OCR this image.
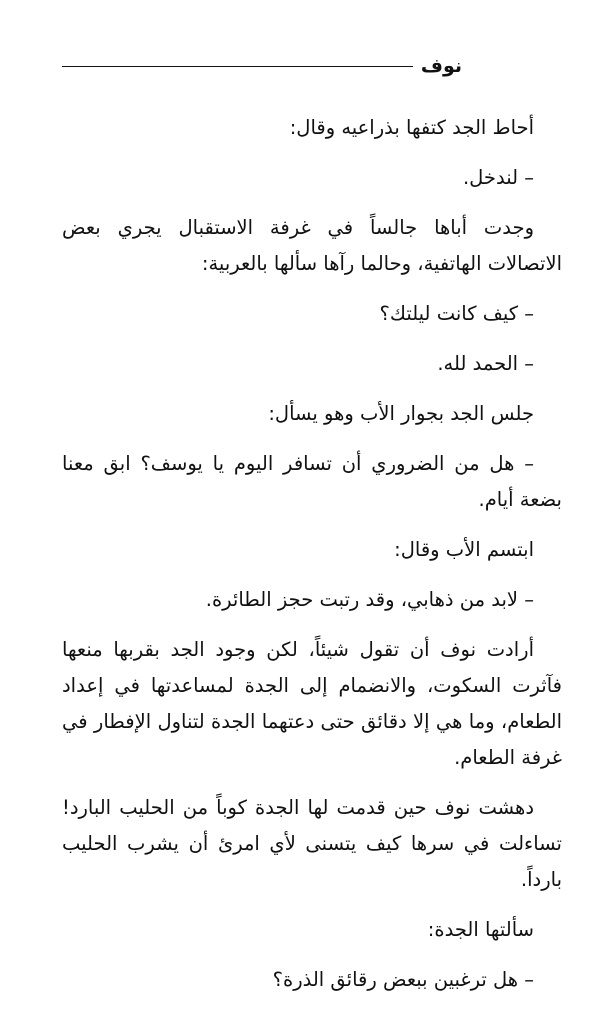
نوف

أحاط الجد كتفها بذراعيه وقال:

– لندخل.

وجدت أباها جالساً في غرفة الاستقبال يجري بعض الاتصالات الهاتفية، وحالما رآها سألها بالعربية:

– كيف كانت ليلتك؟

– الحمد لله.

جلس الجد بجوار الأب وهو يسأل:

– هل من الضروري أن تسافر اليوم يا يوسف؟ ابق معنا بضعة أيام.

ابتسم الأب وقال:

– لابد من ذهابي، وقد رتبت حجز الطائرة.

أرادت نوف أن تقول شيئاً، لكن وجود الجد بقربها منعها فآثرت السكوت، والانضمام إلى الجدة لمساعدتها في إعداد الطعام، وما هي إلا دقائق حتى دعتهما الجدة لتناول الإفطار في غرفة الطعام.

دهشت نوف حين قدمت لها الجدة كوباً من الحليب البارد! تساءلت في سرها كيف يتسنى لأي امرئ أن يشرب الحليب بارداً.

سألتها الجدة:

– هل ترغبين ببعض رقائق الذرة؟
